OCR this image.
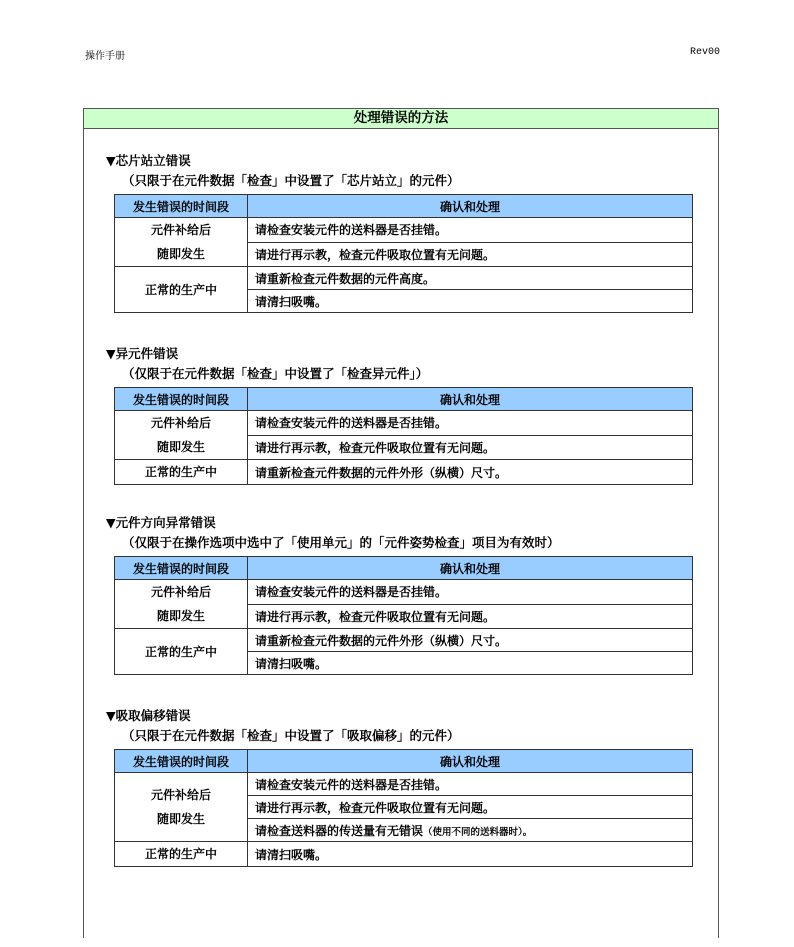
操作手册	Rev00
处理错误的方法
▼芯片站立错误
（只限于在元件数据「检查」中设置了「芯片站立」的元件）
发生错误的时间段	确认和处理

元件补给后
随即发生	请检查安装元件的送料器是否挂错。
	请进行再示教，检查元件吸取位置有无问题。

正常的生产中	请重新检查元件数据的元件高度。
	请清扫吸嘴。
▼异元件错误
（仅限于在元件数据「检查」中设置了「检查异元件」）
发生错误的时间段	确认和处理

元件补给后
随即发生	请检查安装元件的送料器是否挂错。
	请进行再示教，检查元件吸取位置有无问题。

正常的生产中	请重新检查元件数据的元件外形（纵横）尺寸。
▼元件方向异常错误
（仅限于在操作选项中选中了「使用单元」的「元件姿势检查」项目为有效时）
发生错误的时间段	确认和处理

元件补给后
随即发生	请检查安装元件的送料器是否挂错。
	请进行再示教，检查元件吸取位置有无问题。

正常的生产中	请重新检查元件数据的元件外形（纵横）尺寸。
	请清扫吸嘴。
▼吸取偏移错误
（只限于在元件数据「检查」中设置了「吸取偏移」的元件）
发生错误的时间段	确认和处理

元件补给后
随即发生	请检查安装元件的送料器是否挂错。
	请进行再示教，检查元件吸取位置有无问题。
	请检查送料器的传送量有无错误（使用不同的送料器时）。

正常的生产中	请清扫吸嘴。
